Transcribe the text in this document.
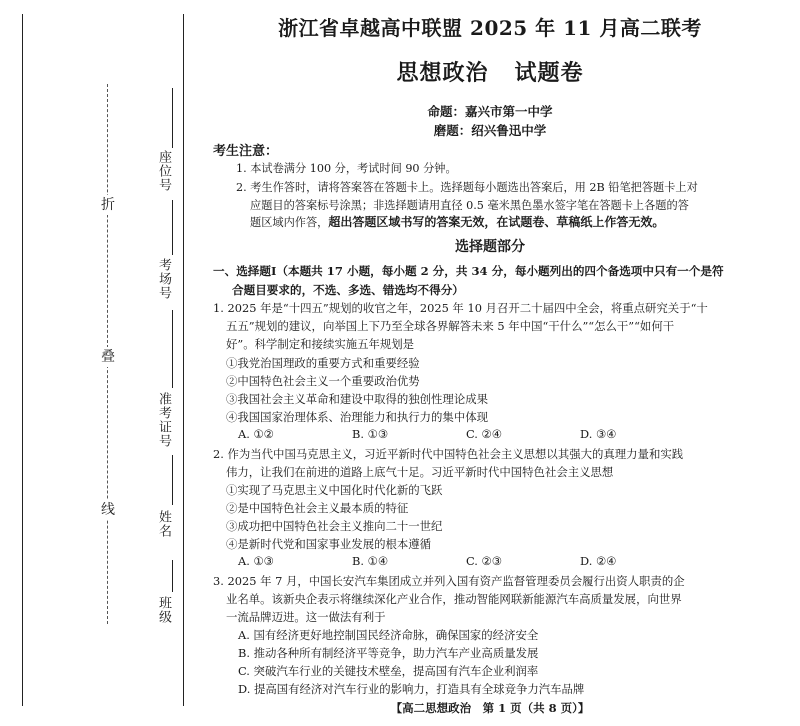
折
叠
线
座位号
考场号
准考证号
姓名
班级
浙江省卓越高中联盟 2025 年 11 月高二联考
思想政治 试题卷
命题：嘉兴市第一中学
磨题：绍兴鲁迅中学
考生注意：
1. 本试卷满分 100 分，考试时间 90 分钟。
2. 考生作答时，请将答案答在答题卡上。选择题每小题选出答案后，用 2B 铅笔把答题卡上对
应题目的答案标号涂黑；非选择题请用直径 0.5 毫米黑色墨水签字笔在答题卡上各题的答
题区域内作答，超出答题区域书写的答案无效，在试题卷、草稿纸上作答无效。
选择题部分
一、选择题Ⅰ（本题共 17 小题，每小题 2 分，共 34 分，每小题列出的四个备选项中只有一个是符
合题目要求的，不选、多选、错选均不得分）
1. 2025 年是“十四五”规划的收官之年，2025 年 10 月召开二十届四中全会，将重点研究关于“十
五五”规划的建议，向举国上下乃至全球各界解答未来 5 年中国“干什么”“怎么干”“如何干
好”。科学制定和接续实施五年规划是
①我党治国理政的重要方式和重要经验
②中国特色社会主义一个重要政治优势
③我国社会主义革命和建设中取得的独创性理论成果
④我国国家治理体系、治理能力和执行力的集中体现
A. ①②	B. ①③	C. ②④	D. ③④
2. 作为当代中国马克思主义，习近平新时代中国特色社会主义思想以其强大的真理力量和实践
伟力，让我们在前进的道路上底气十足。习近平新时代中国特色社会主义思想
①实现了马克思主义中国化时代化新的飞跃
②是中国特色社会主义最本质的特征
③成功把中国特色社会主义推向二十一世纪
④是新时代党和国家事业发展的根本遵循
A. ①③	B. ①④	C. ②③	D. ②④
3. 2025 年 7 月，中国长安汽车集团成立并列入国有资产监督管理委员会履行出资人职责的企
业名单。该新央企表示将继续深化产业合作，推动智能网联新能源汽车高质量发展，向世界
一流品牌迈进。这一做法有利于
A. 国有经济更好地控制国民经济命脉，确保国家的经济安全
B. 推动各种所有制经济平等竞争，助力汽车产业高质量发展
C. 突破汽车行业的关键技术壁垒，提高国有汽车企业利润率
D. 提高国有经济对汽车行业的影响力，打造具有全球竞争力汽车品牌
【高二思想政治　第 1 页（共 8 页）】
